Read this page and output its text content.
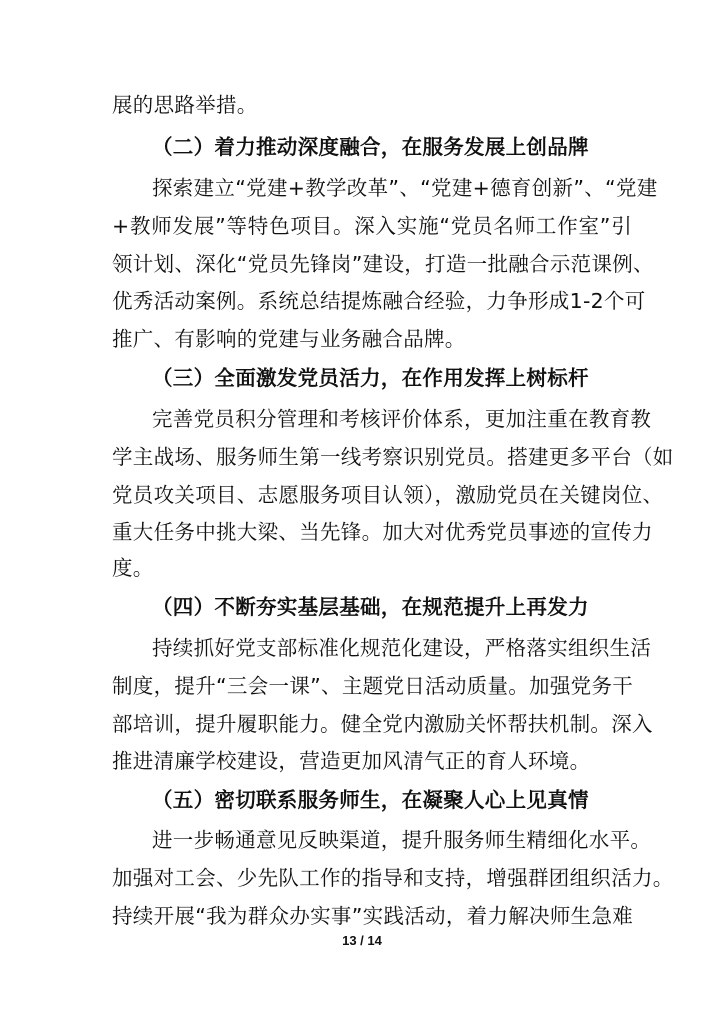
展的思路举措。
（二）着力推动深度融合，在服务发展上创品牌
探索建立“党建+教学改革”、“党建+德育创新”、“党建
+教师发展”等特色项目。深入实施“党员名师工作室”引
领计划、深化“党员先锋岗”建设，打造一批融合示范课例、
优秀活动案例。系统总结提炼融合经验，力争形成1-2个可
推广、有影响的党建与业务融合品牌。
（三）全面激发党员活力，在作用发挥上树标杆
完善党员积分管理和考核评价体系，更加注重在教育教
学主战场、服务师生第一线考察识别党员。搭建更多平台（如
党员攻关项目、志愿服务项目认领），激励党员在关键岗位、
重大任务中挑大梁、当先锋。加大对优秀党员事迹的宣传力
度。
（四）不断夯实基层基础，在规范提升上再发力
持续抓好党支部标准化规范化建设，严格落实组织生活
制度，提升“三会一课”、主题党日活动质量。加强党务干
部培训，提升履职能力。健全党内激励关怀帮扶机制。深入
推进清廉学校建设，营造更加风清气正的育人环境。
（五）密切联系服务师生，在凝聚人心上见真情
进一步畅通意见反映渠道，提升服务师生精细化水平。
加强对工会、少先队工作的指导和支持，增强群团组织活力。
持续开展“我为群众办实事”实践活动，着力解决师生急难
13 / 14
